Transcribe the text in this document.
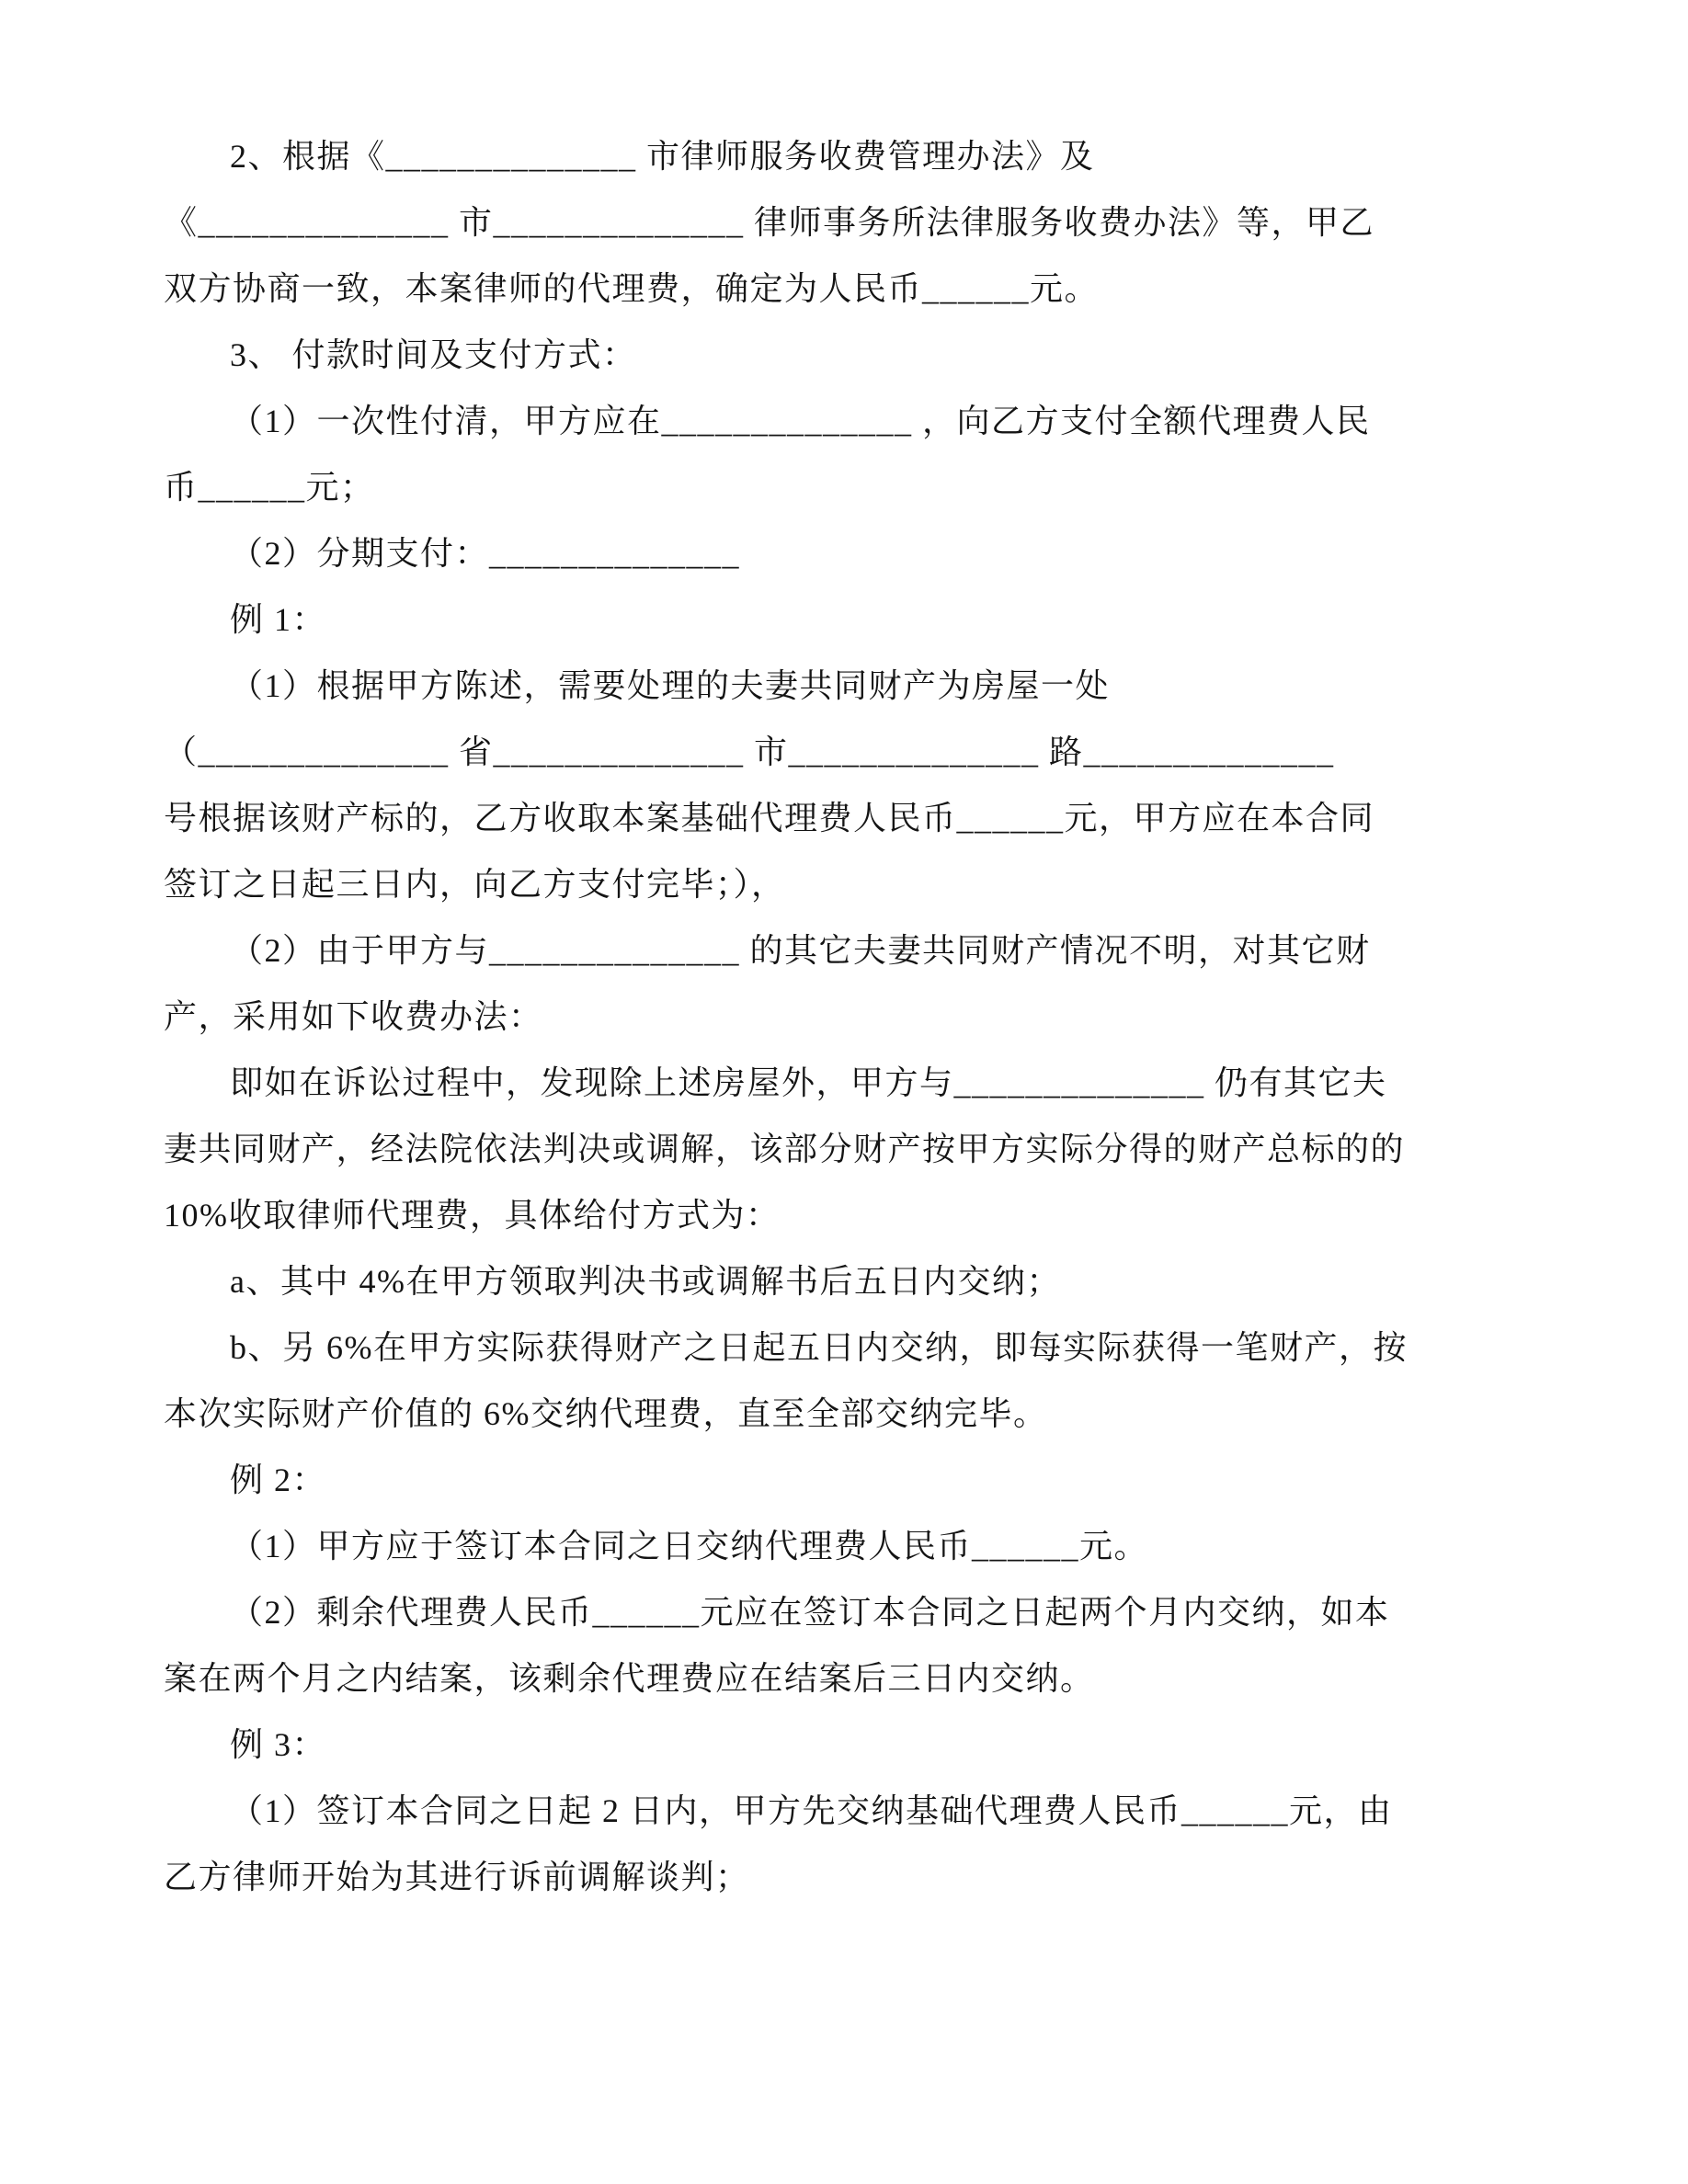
2、根据《______________ 市律师服务收费管理办法》及
《______________ 市______________ 律师事务所法律服务收费办法》等，甲乙
双方协商一致，本案律师的代理费，确定为人民币______元。
3、 付款时间及支付方式：
（1）一次性付清，甲方应在______________ ，向乙方支付全额代理费人民
币______元；
（2）分期支付：______________
例 1：
（1）根据甲方陈述，需要处理的夫妻共同财产为房屋一处
（______________ 省______________ 市______________ 路______________
号根据该财产标的，乙方收取本案基础代理费人民币______元，甲方应在本合同
签订之日起三日内，向乙方支付完毕；），
（2）由于甲方与______________ 的其它夫妻共同财产情况不明，对其它财
产，采用如下收费办法：
即如在诉讼过程中，发现除上述房屋外，甲方与______________ 仍有其它夫
妻共同财产，经法院依法判决或调解，该部分财产按甲方实际分得的财产总标的的
10%收取律师代理费，具体给付方式为：
a、其中 4%在甲方领取判决书或调解书后五日内交纳；
b、另 6%在甲方实际获得财产之日起五日内交纳，即每实际获得一笔财产，按
本次实际财产价值的 6%交纳代理费，直至全部交纳完毕。
例 2：
（1）甲方应于签订本合同之日交纳代理费人民币______元。
（2）剩余代理费人民币______元应在签订本合同之日起两个月内交纳，如本
案在两个月之内结案，该剩余代理费应在结案后三日内交纳。
例 3：
（1）签订本合同之日起 2 日内，甲方先交纳基础代理费人民币______元，由
乙方律师开始为其进行诉前调解谈判；
